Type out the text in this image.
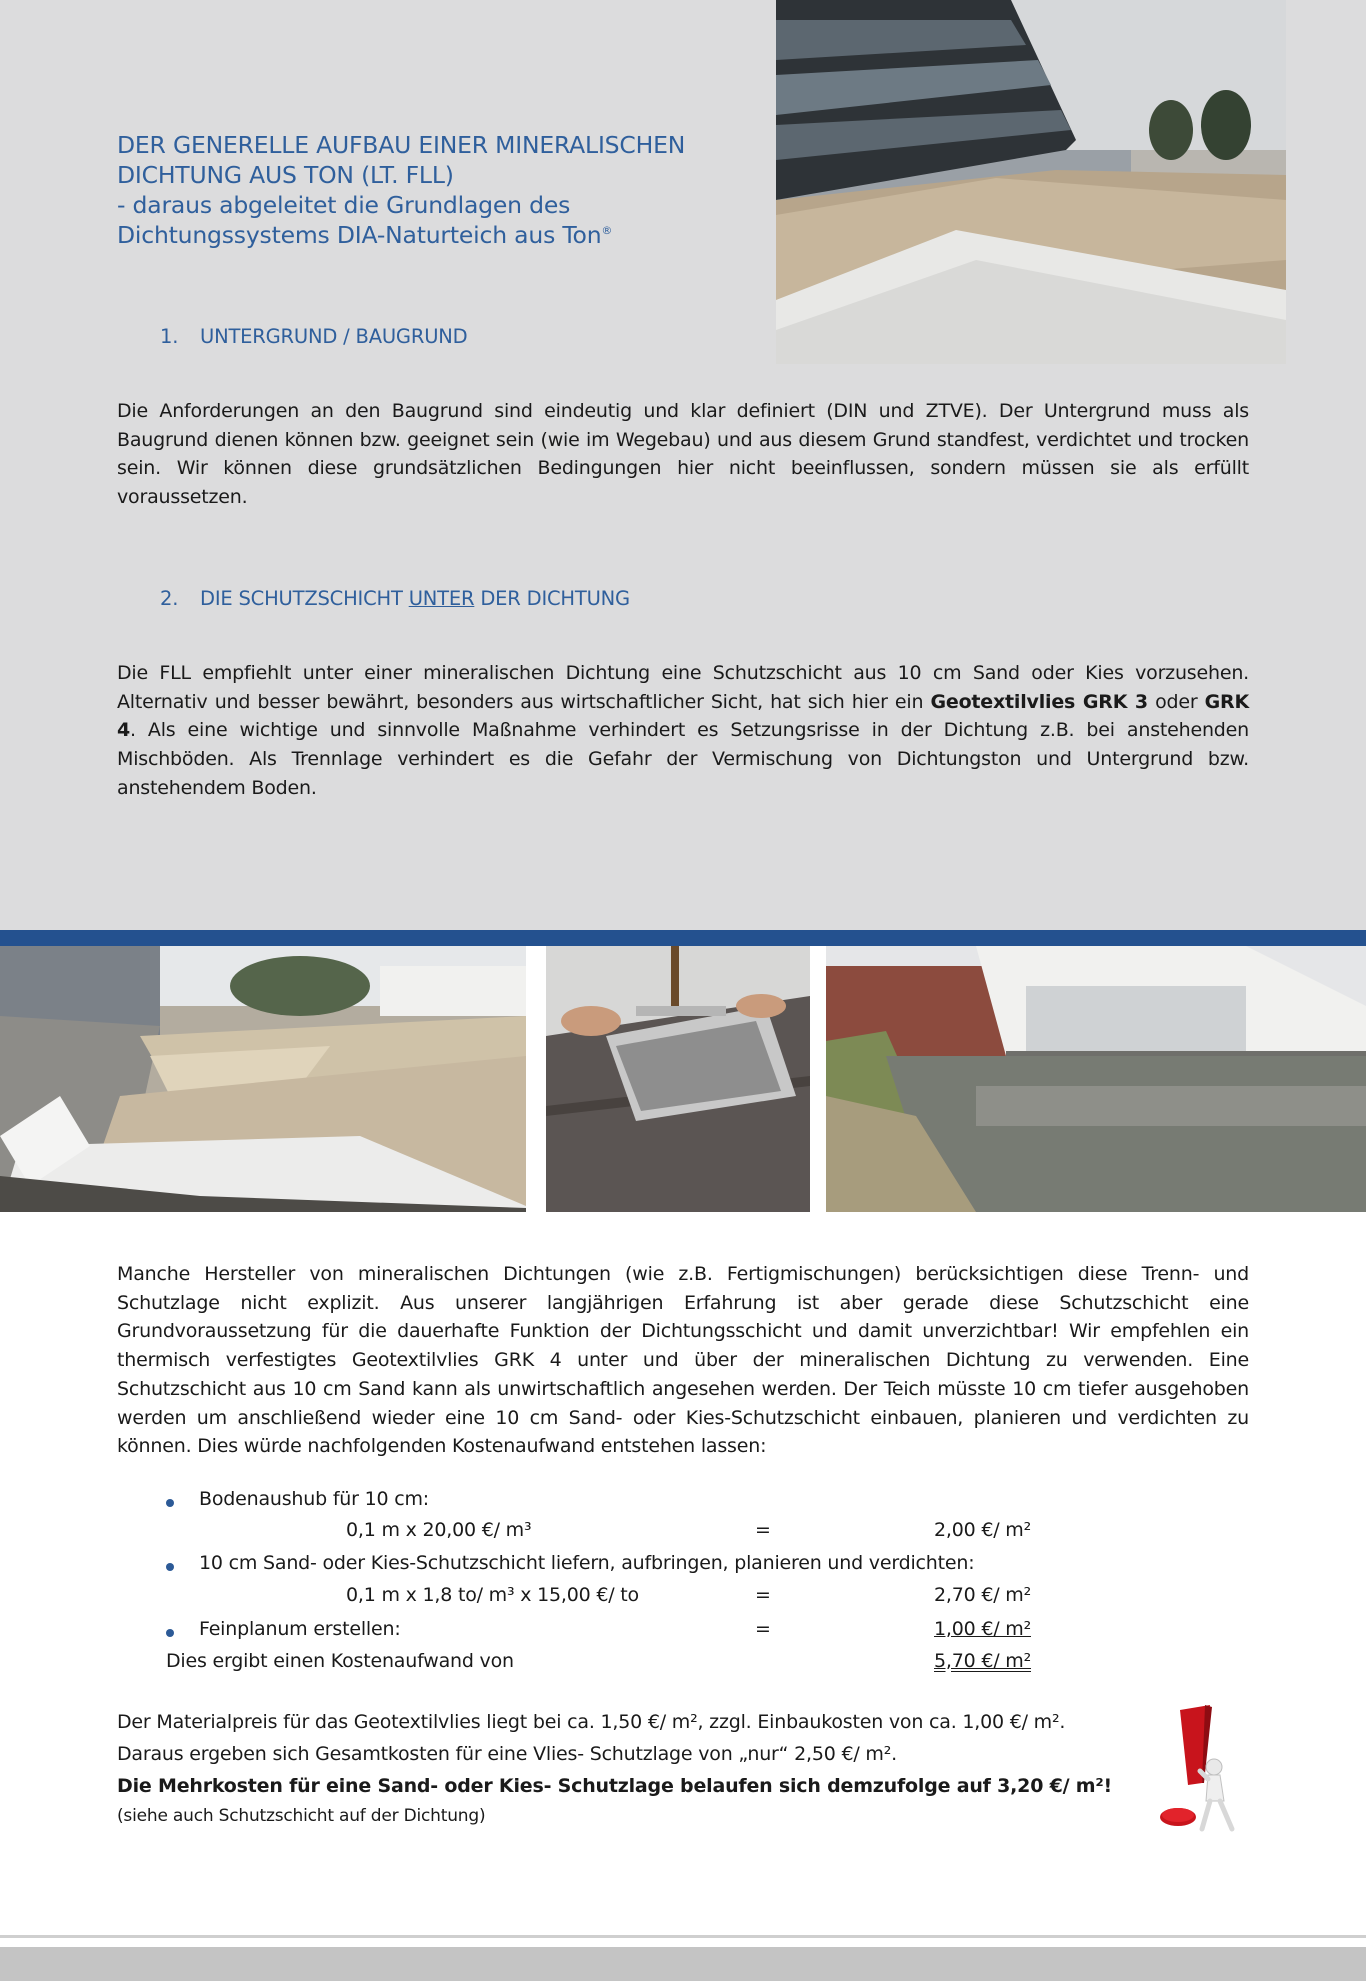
DER GENERELLE AUFBAU EINER MINERALISCHEN
DICHTUNG AUS TON (LT. FLL)
- daraus abgeleitet die Grundlagen des
Dichtungssystems DIA-Naturteich aus Ton®
1. UNTERGRUND / BAUGRUND

Die Anforderungen an den Baugrund sind eindeutig und klar definiert (DIN und ZTVE). Der Untergrund muss als Baugrund dienen können bzw. geeignet sein (wie im Wegebau) und aus diesem Grund standfest, verdichtet und trocken sein. Wir können diese grundsätzlichen Bedingungen hier nicht beeinflussen, sondern müssen sie als erfüllt voraussetzen.

2. DIE SCHUTZSCHICHT UNTER DER DICHTUNG

Die FLL empfiehlt unter einer mineralischen Dichtung eine Schutzschicht aus 10 cm Sand oder Kies vorzusehen. Alternativ und besser bewährt, besonders aus wirtschaftlicher Sicht, hat sich hier ein Geotextilvlies GRK 3 oder GRK 4. Als eine wichtige und sinnvolle Maßnahme verhindert es Setzungsrisse in der Dichtung z.B. bei anstehenden Mischböden. Als Trennlage verhindert es die Gefahr der Vermischung von Dichtungston und Untergrund bzw. anstehendem Boden.

Manche Hersteller von mineralischen Dichtungen (wie z.B. Fertigmischungen) berücksichtigen diese Trenn- und Schutzlage nicht explizit. Aus unserer langjährigen Erfahrung ist aber gerade diese Schutzschicht eine Grundvoraussetzung für die dauerhafte Funktion der Dichtungsschicht und damit unverzichtbar! Wir empfehlen ein thermisch verfestigtes Geotextilvlies GRK 4 unter und über der mineralischen Dichtung zu verwenden. Eine Schutzschicht aus 10 cm Sand kann als unwirtschaftlich angesehen werden. Der Teich müsste 10 cm tiefer ausgehoben werden um anschließend wieder eine 10 cm Sand- oder Kies-Schutzschicht einbauen, planieren und verdichten zu können. Dies würde nachfolgenden Kostenaufwand entstehen lassen:

Bodenaushub für 10 cm:
0,1 m x 20,00 €/ m³	=	2,00 €/ m²
10 cm Sand- oder Kies-Schutzschicht liefern, aufbringen, planieren und verdichten:
0,1 m x 1,8 to/ m³ x 15,00 €/ to	=	2,70 €/ m²
Feinplanum erstellen:	=	1,00 €/ m²
Dies ergibt einen Kostenaufwand von	5,70 €/ m²
Der Materialpreis für das Geotextilvlies liegt bei ca. 1,50 €/ m², zzgl. Einbaukosten von ca. 1,00 €/ m².
Daraus ergeben sich Gesamtkosten für eine Vlies- Schutzlage von „nur“ 2,50 €/ m².
Die Mehrkosten für eine Sand- oder Kies- Schutzlage belaufen sich demzufolge auf 3,20 €/ m²!
(siehe auch Schutzschicht auf der Dichtung)
